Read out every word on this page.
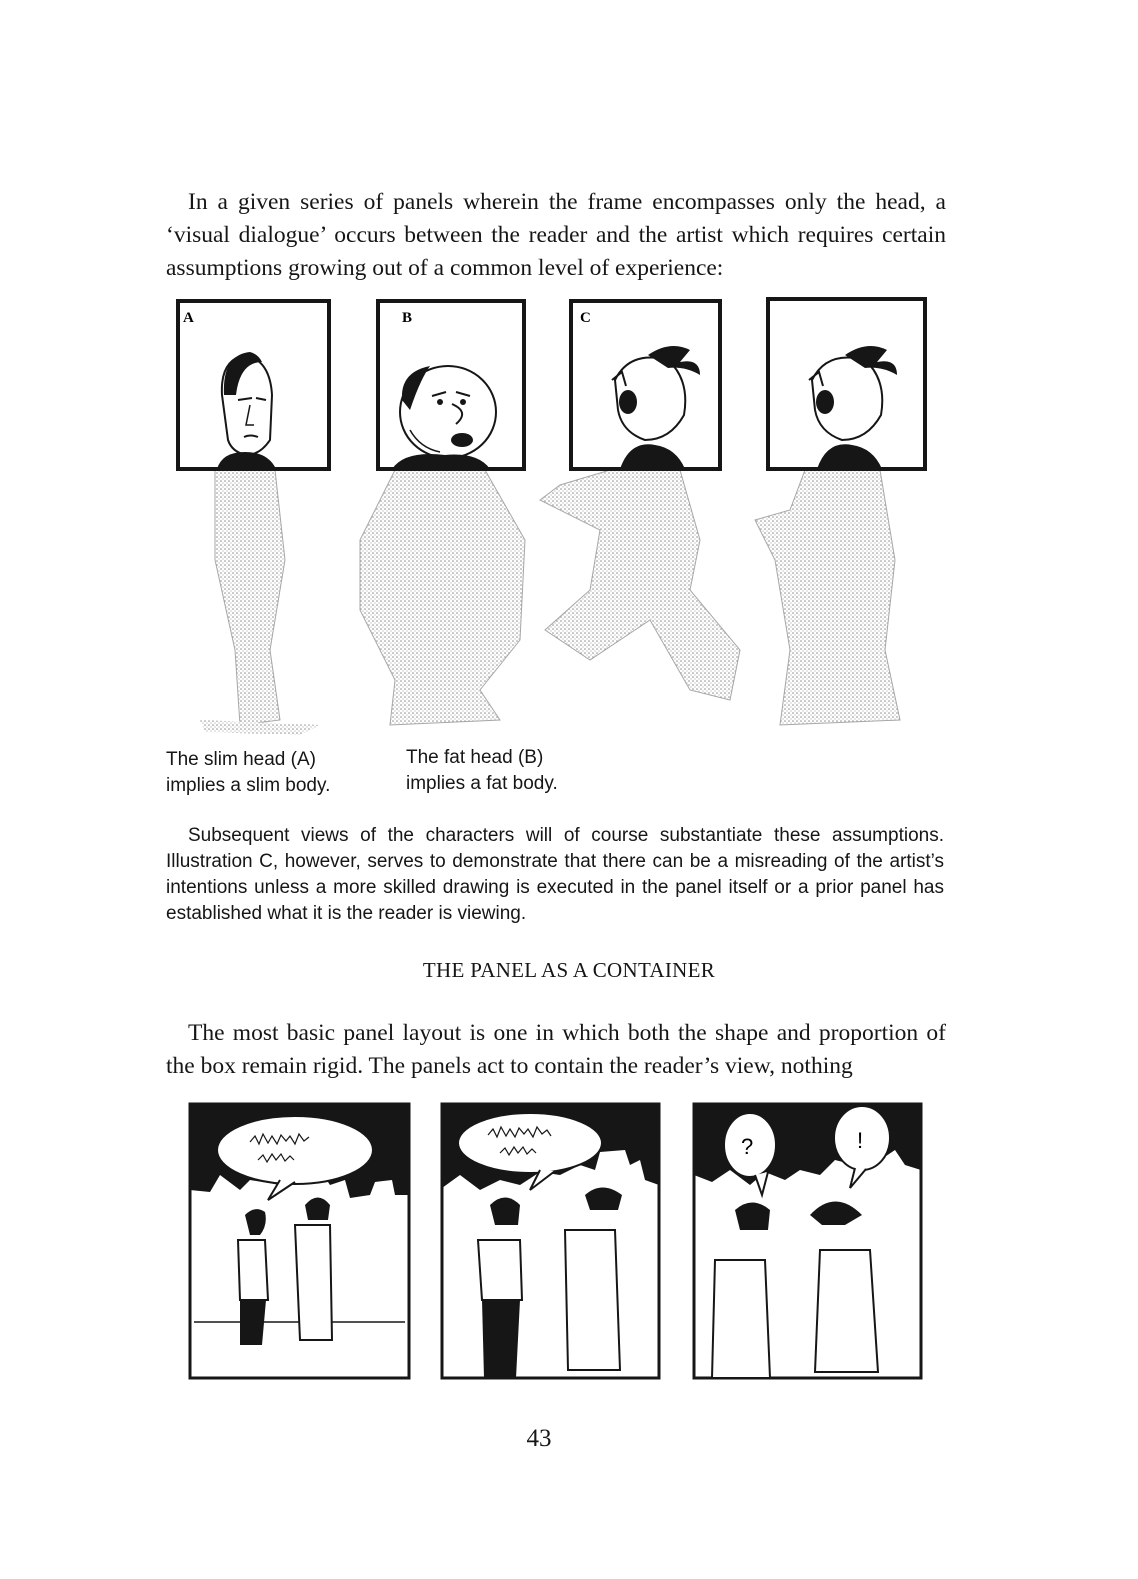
In a given series of panels wherein the frame encompasses only the head, a ‘visual dialogue’ occurs between the reader and the artist which requires certain assumptions growing out of a common level of experience:

A	B	C
?	!
The slim head (A)
implies a slim body.
The fat head (B)
implies a fat body.

Subsequent views of the characters will of course substantiate these assumptions. Illustration C, however, serves to demonstrate that there can be a misreading of the artist’s intentions unless a more skilled drawing is executed in the panel itself or a prior panel has established what it is the reader is viewing.

THE PANEL AS A CONTAINER

The most basic panel layout is one in which both the shape and proportion of the box remain rigid. The panels act to contain the reader’s view, nothing

43
